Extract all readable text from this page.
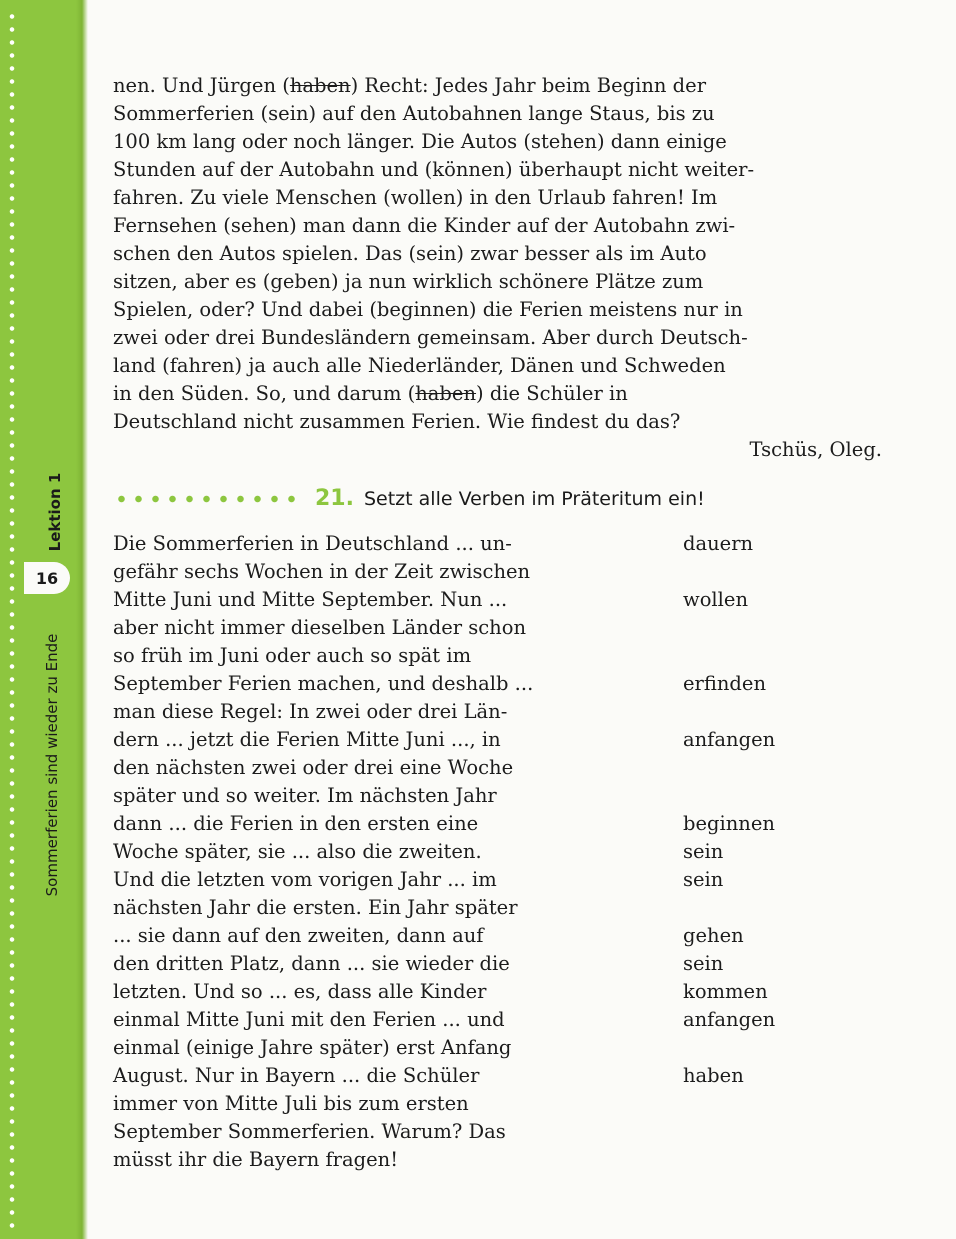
16
Lektion 1
Sommerferien sind wieder zu Ende
nen. Und Jürgen (haben) Recht: Jedes Jahr beim Beginn der
Sommerferien (sein) auf den Autobahnen lange Staus, bis zu
100 km lang oder noch länger. Die Autos (stehen) dann einige
Stunden auf der Autobahn und (können) überhaupt nicht weiter-
fahren. Zu viele Menschen (wollen) in den Urlaub fahren! Im
Fernsehen (sehen) man dann die Kinder auf der Autobahn zwi-
schen den Autos spielen. Das (sein) zwar besser als im Auto
sitzen, aber es (geben) ja nun wirklich schönere Plätze zum
Spielen, oder? Und dabei (beginnen) die Ferien meistens nur in
zwei oder drei Bundesländern gemeinsam. Aber durch Deutsch-
land (fahren) ja auch alle Niederländer, Dänen und Schweden
in den Süden. So, und darum (haben) die Schüler in
Deutschland nicht zusammen Ferien. Wie findest du das?
Tschüs, Oleg.
21. Setzt alle Verben im Präteritum ein!
Die Sommerferien in Deutschland ... un-
gefähr sechs Wochen in der Zeit zwischen
Mitte Juni und Mitte September. Nun ...
aber nicht immer dieselben Länder schon
so früh im Juni oder auch so spät im
September Ferien machen, und deshalb ...
man diese Regel: In zwei oder drei Län-
dern ... jetzt die Ferien Mitte Juni ..., in
den nächsten zwei oder drei eine Woche
später und so weiter. Im nächsten Jahr
dann ... die Ferien in den ersten eine
Woche später, sie ... also die zweiten.
Und die letzten vom vorigen Jahr ... im
nächsten Jahr die ersten. Ein Jahr später
... sie dann auf den zweiten, dann auf
den dritten Platz, dann ... sie wieder die
letzten. Und so ... es, dass alle Kinder
einmal Mitte Juni mit den Ferien ... und
einmal (einige Jahre später) erst Anfang
August. Nur in Bayern ... die Schüler
immer von Mitte Juli bis zum ersten
September Sommerferien. Warum? Das
müsst ihr die Bayern fragen!
dauern
wollen
erfinden
anfangen
beginnen
sein
sein
gehen
sein
kommen
anfangen
haben
